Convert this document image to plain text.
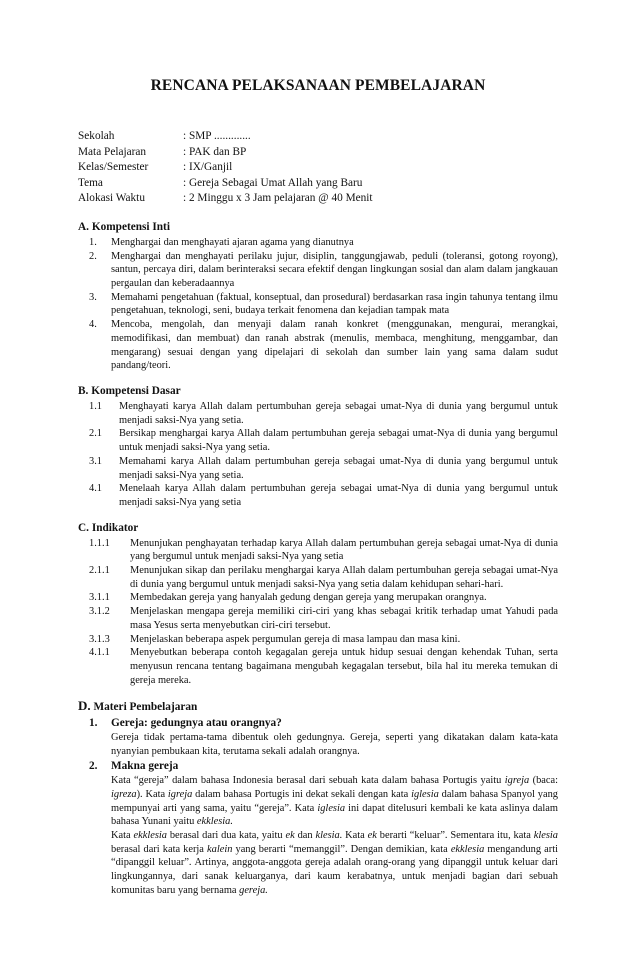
RENCANA PELAKSANAAN PEMBELAJARAN
Sekolah	: SMP .............
Mata Pelajaran	: PAK dan BP
Kelas/Semester	: IX/Ganjil
Tema	: Gereja Sebagai Umat Allah yang Baru
Alokasi Waktu	: 2 Minggu x 3 Jam pelajaran @ 40 Menit
A. Kompetensi Inti
1.	Menghargai dan menghayati ajaran agama yang dianutnya
2.	Menghargai dan menghayati perilaku jujur, disiplin, tanggungjawab, peduli (toleransi, gotong royong), santun, percaya diri, dalam berinteraksi secara efektif dengan lingkungan sosial dan alam dalam jangkauan pergaulan dan keberadaannya
3.	Memahami pengetahuan (faktual, konseptual, dan prosedural) berdasarkan rasa ingin tahunya tentang ilmu pengetahuan, teknologi, seni, budaya terkait fenomena dan kejadian tampak mata
4.	Mencoba, mengolah, dan menyaji dalam ranah konkret (menggunakan, mengurai, merangkai, memodifikasi, dan membuat) dan ranah abstrak (menulis, membaca, menghitung, menggambar, dan mengarang) sesuai dengan yang dipelajari di sekolah dan sumber lain yang sama dalam sudut pandang/teori.
B. Kompetensi Dasar
1.1	Menghayati karya Allah dalam pertumbuhan gereja sebagai umat-Nya di dunia yang bergumul untuk menjadi saksi-Nya yang setia.
2.1	Bersikap menghargai karya Allah dalam pertumbuhan gereja sebagai umat-Nya di dunia yang bergumul untuk menjadi saksi-Nya yang setia.
3.1	Memahami karya Allah dalam pertumbuhan gereja sebagai umat-Nya di dunia yang bergumul untuk menjadi saksi-Nya yang setia.
4.1	Menelaah karya Allah dalam pertumbuhan gereja sebagai umat-Nya di dunia yang bergumul untuk menjadi saksi-Nya yang setia
C. Indikator
1.1.1	Menunjukan penghayatan terhadap karya Allah dalam pertumbuhan gereja sebagai umat-Nya di dunia yang bergumul untuk menjadi saksi-Nya yang setia
2.1.1	Menunjukan sikap dan perilaku menghargai karya Allah dalam pertumbuhan gereja sebagai umat-Nya di dunia yang bergumul untuk menjadi saksi-Nya yang setia dalam kehidupan sehari-hari.
3.1.1	Membedakan gereja yang hanyalah gedung dengan gereja yang merupakan orangnya.
3.1.2	Menjelaskan mengapa gereja memiliki ciri-ciri yang khas sebagai kritik terhadap umat Yahudi pada masa Yesus serta menyebutkan ciri-ciri tersebut.
3.1.3	Menjelaskan beberapa aspek pergumulan gereja di masa lampau dan masa kini.
4.1.1	Menyebutkan beberapa contoh kegagalan gereja untuk hidup sesuai dengan kehendak Tuhan, serta menyusun rencana tentang bagaimana mengubah kegagalan tersebut, bila hal itu mereka temukan di gereja mereka.
D. Materi Pembelajaran
1.	Gereja: gedungnya atau orangnya?
Gereja tidak pertama-tama dibentuk oleh gedungnya. Gereja, seperti yang dikatakan dalam kata-kata nyanyian pembukaan kita, terutama sekali adalah orangnya.
2.	Makna gereja
Kata “gereja” dalam bahasa Indonesia berasal dari sebuah kata dalam bahasa Portugis yaitu igreja (baca: igreza). Kata igreja dalam bahasa Portugis ini dekat sekali dengan kata iglesia dalam bahasa Spanyol yang mempunyai arti yang sama, yaitu “gereja”. Kata iglesia ini dapat ditelusuri kembali ke kata aslinya dalam bahasa Yunani yaitu ekklesia.
Kata ekklesia berasal dari dua kata, yaitu ek dan klesia. Kata ek berarti “keluar”. Sementara itu, kata klesia berasal dari kata kerja kalein yang berarti “memanggil”. Dengan demikian, kata ekklesia mengandung arti “dipanggil keluar”. Artinya, anggota-anggota gereja adalah orang-orang yang dipanggil untuk keluar dari lingkungannya, dari sanak keluarganya, dari kaum kerabatnya, untuk menjadi bagian dari sebuah komunitas baru yang bernama gereja.
